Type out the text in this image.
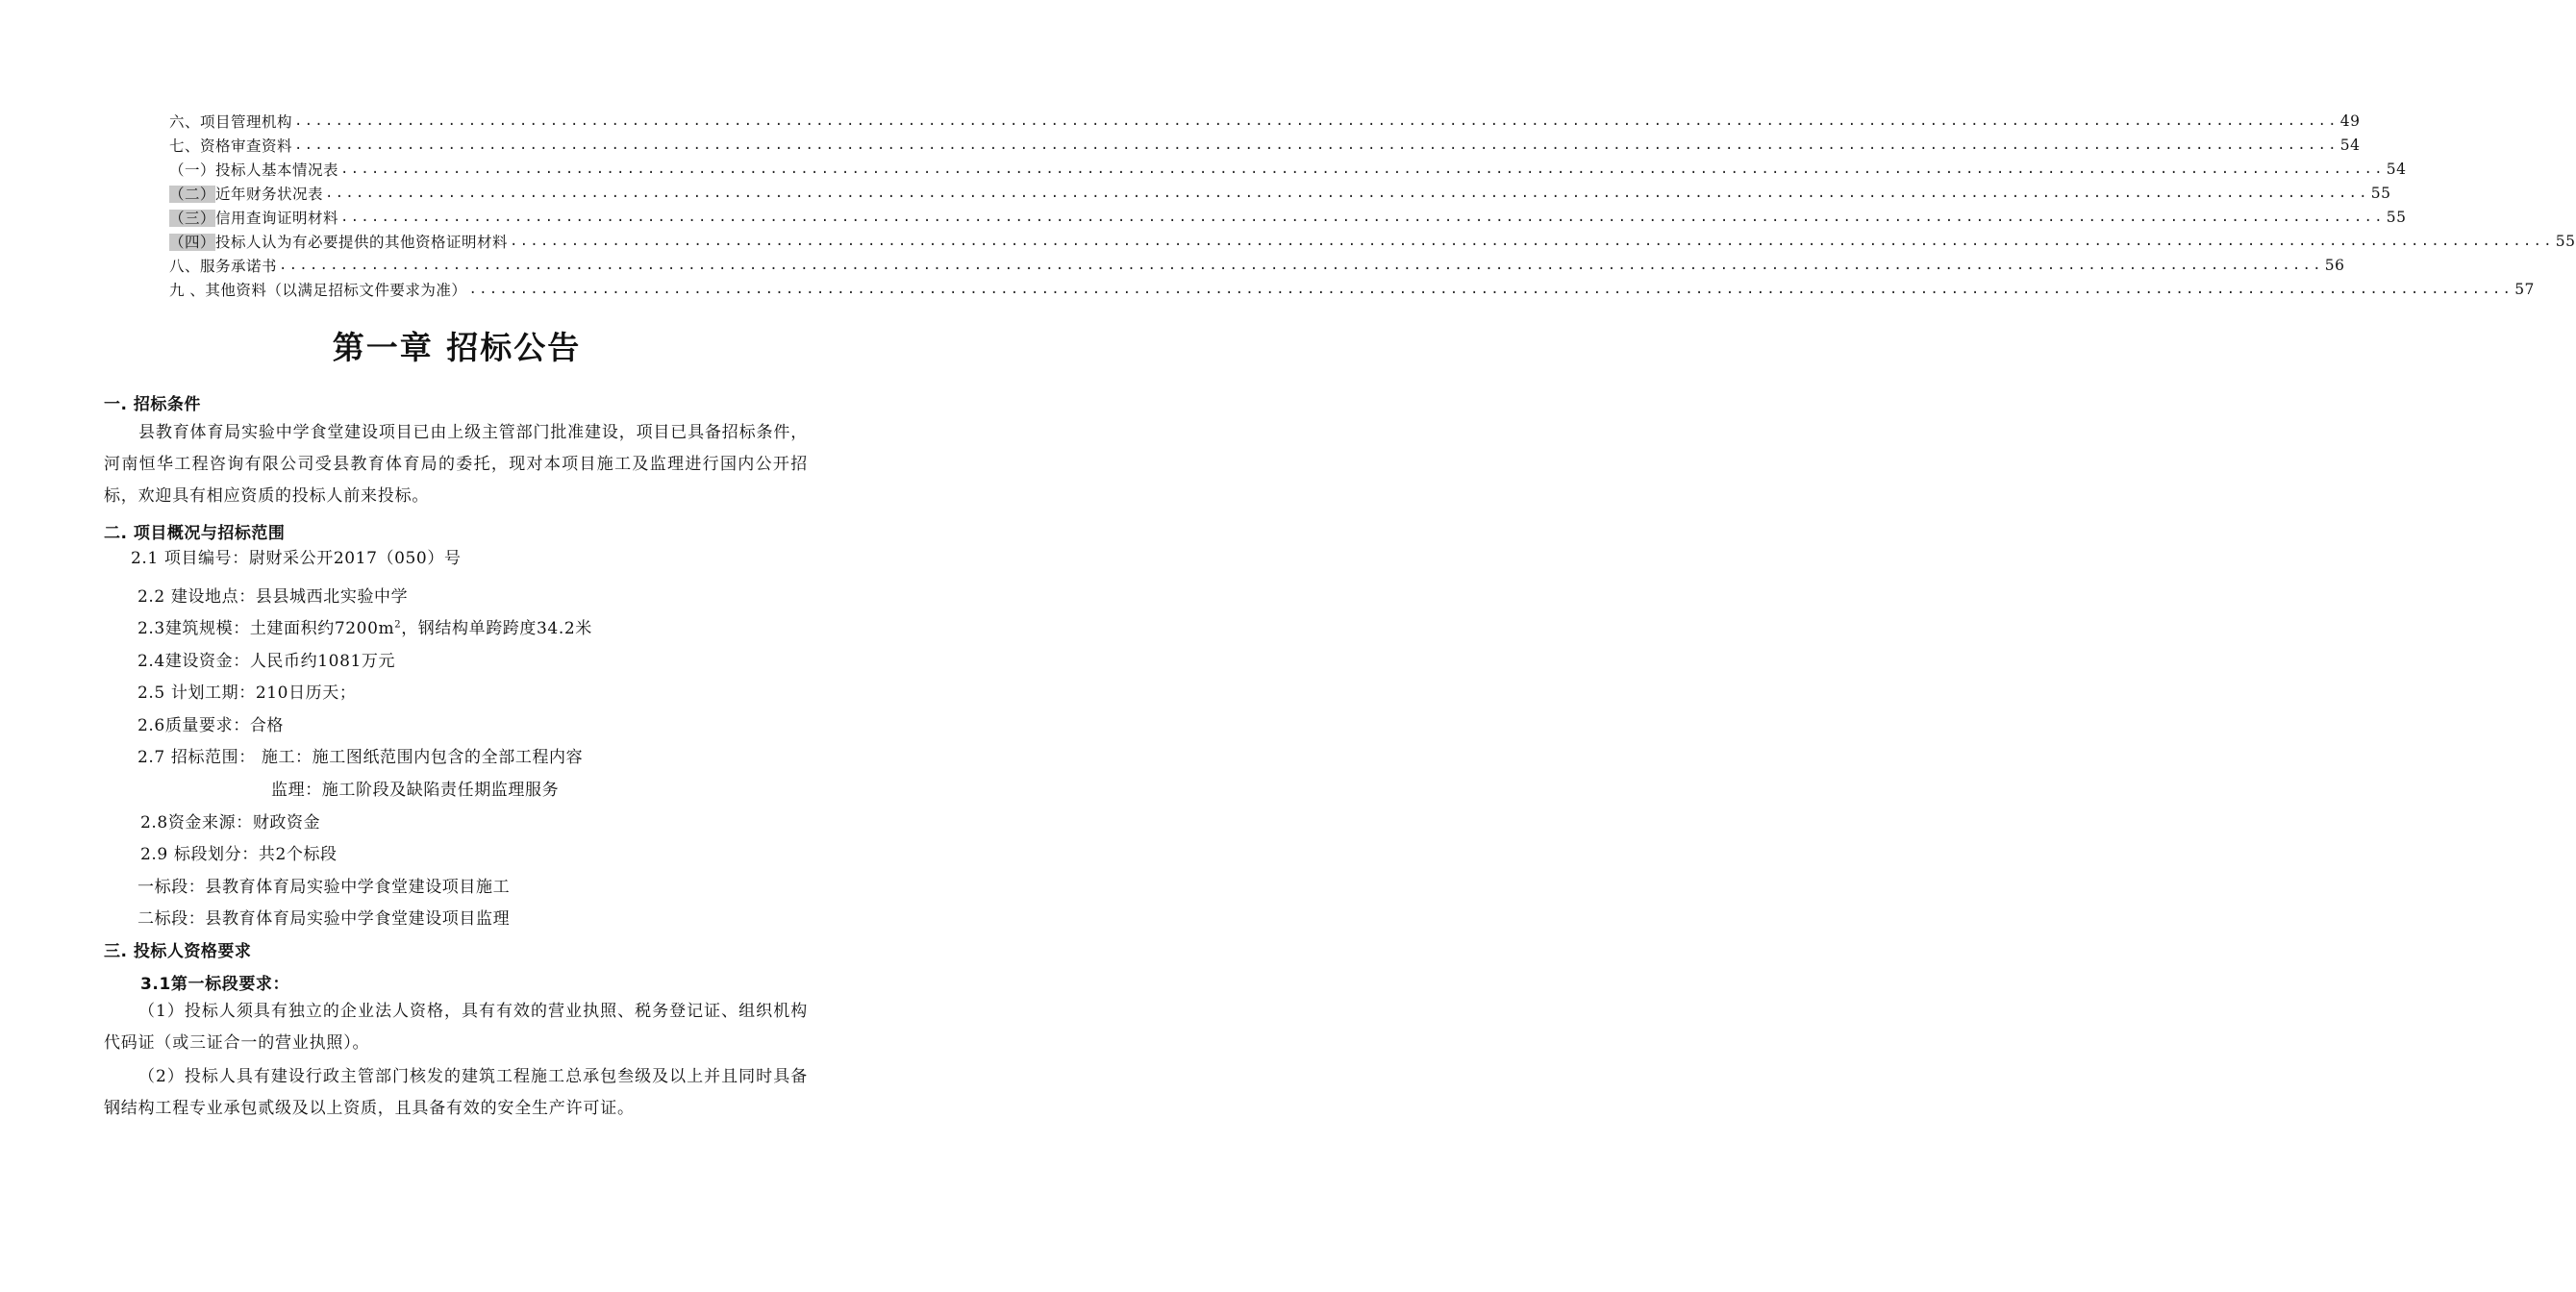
六、项目管理机构 ........................................................................................................................................................................................................ 49
七、资格审查资料 ........................................................................................................................................................................................................ 54
（一）投标人基本情况表 ........................................................................................................................................................................................................ 54
（二）近年财务状况表 ........................................................................................................................................................................................................ 55
（三）信用查询证明材料 ........................................................................................................................................................................................................ 55
（四）投标人认为有必要提供的其他资格证明材料 ........................................................................................................................................................................................................ 55
八、服务承诺书 ........................................................................................................................................................................................................ 56
九 、其他资料（以满足招标文件要求为准） ........................................................................................................................................................................................................ 57
第一章 招标公告
一. 招标条件
县教育体育局实验中学食堂建设项目已由上级主管部门批准建设，项目已具备招标条件，河南恒华工程咨询有限公司受县教育体育局的委托，现对本项目施工及监理进行国内公开招标，欢迎具有相应资质的投标人前来投标。
二. 项目概况与招标范围
2.1 项目编号：尉财采公开2017（050）号
2.2 建设地点：县县城西北实验中学
2.3建筑规模：土建面积约$7200m^2$，钢结构单跨跨度34.2米
2.4建设资金：人民币约1081万元
2.5 计划工期：210日历天；
2.6质量要求：合格
2.7 招标范围： 施工：施工图纸范围内包含的全部工程内容
监理：施工阶段及缺陷责任期监理服务
2.8资金来源：财政资金
2.9 标段划分：共2个标段
一标段：县教育体育局实验中学食堂建设项目施工
二标段：县教育体育局实验中学食堂建设项目监理
三. 投标人资格要求
3.1第一标段要求：
（1）投标人须具有独立的企业法人资格，具有有效的营业执照、税务登记证、组织机构代码证（或三证合一的营业执照）。
（2）投标人具有建设行政主管部门核发的建筑工程施工总承包叁级及以上并且同时具备钢结构工程专业承包贰级及以上资质，且具备有效的安全生产许可证。
